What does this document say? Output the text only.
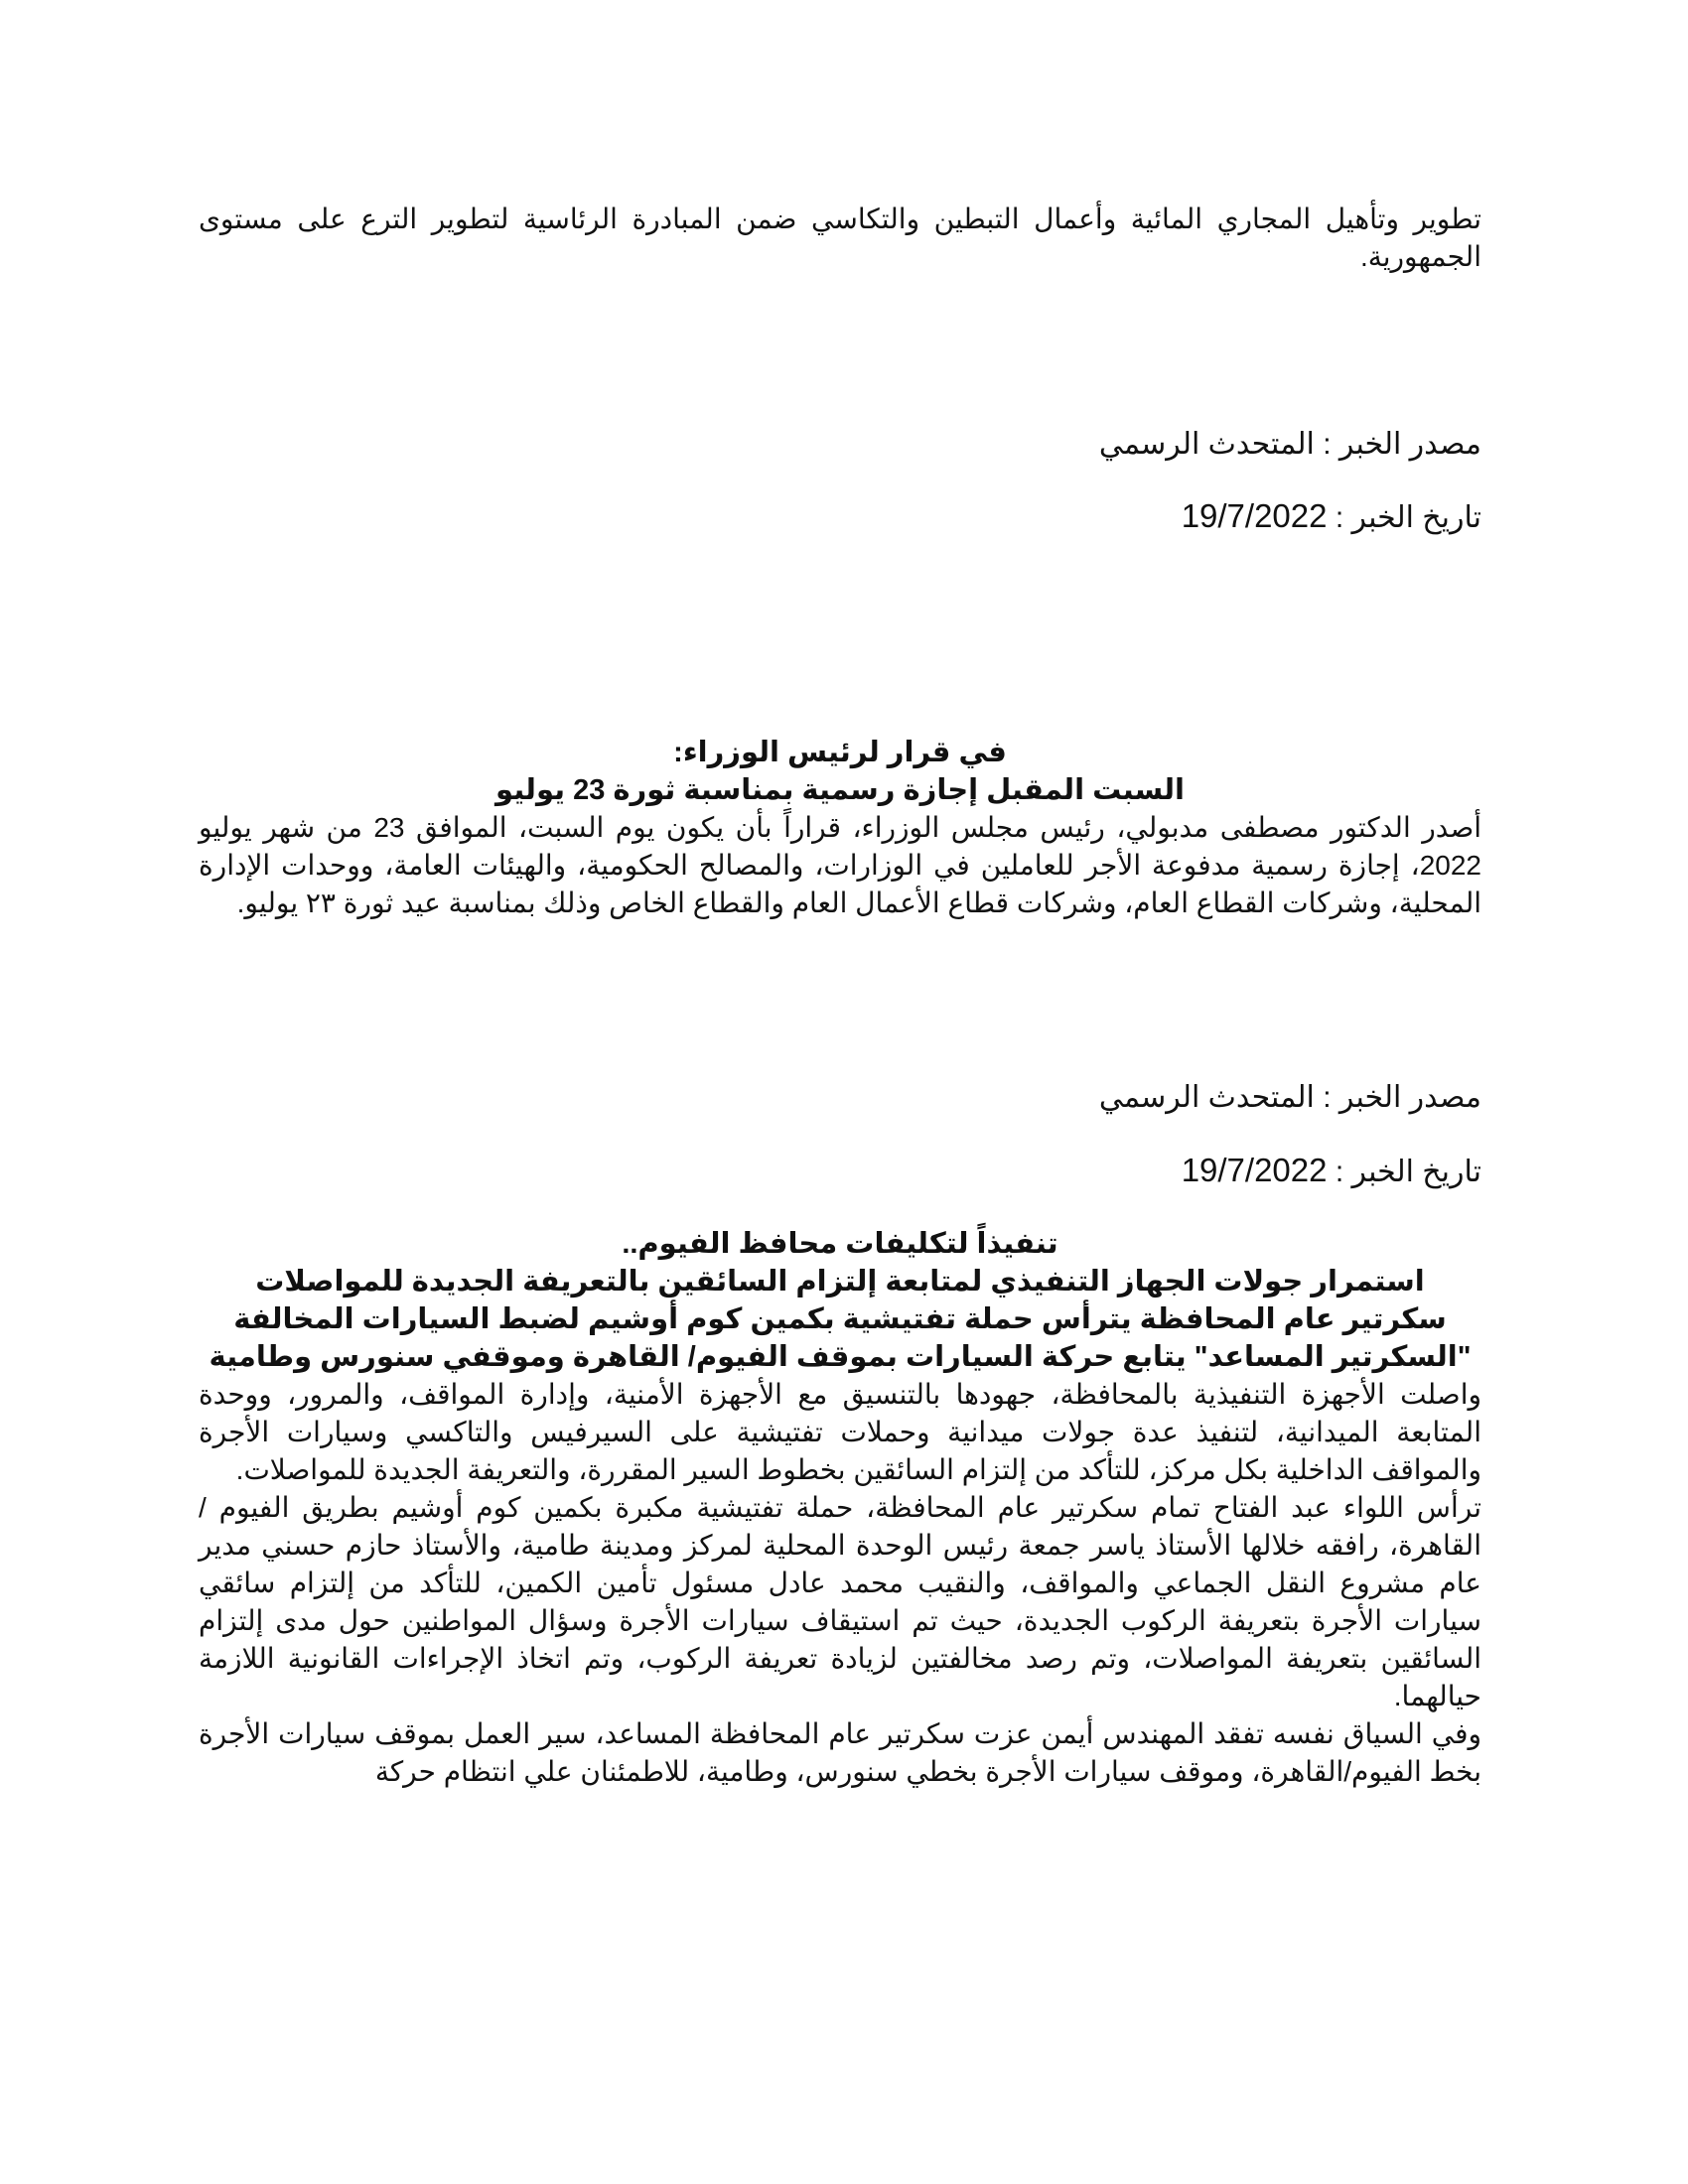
تطوير وتأهيل المجاري المائية وأعمال التبطين والتكاسي ضمن المبادرة الرئاسية لتطوير الترع على مستوى الجمهورية.

مصدر الخبر : المتحدث الرسمي
تاريخ الخبر : 19/7/2022
في قرار لرئيس الوزراء:
السبت المقبل إجازة رسمية بمناسبة ثورة 23 يوليو

أصدر الدكتور مصطفى مدبولي، رئيس مجلس الوزراء، قراراً بأن يكون يوم السبت، الموافق 23 من شهر يوليو 2022، إجازة رسمية مدفوعة الأجر للعاملين في الوزارات، والمصالح الحكومية، والهيئات العامة، ووحدات الإدارة المحلية، وشركات القطاع العام، وشركات قطاع الأعمال العام والقطاع الخاص وذلك بمناسبة عيد ثورة ٢٣ يوليو.

مصدر الخبر : المتحدث الرسمي
تاريخ الخبر : 19/7/2022
تنفيذاً لتكليفات محافظ الفيوم..
استمرار جولات الجهاز التنفيذي لمتابعة إلتزام السائقين بالتعريفة الجديدة للمواصلات
سكرتير عام المحافظة يترأس حملة تفتيشية بكمين كوم أوشيم لضبط السيارات المخالفة
"السكرتير المساعد" يتابع حركة السيارات بموقف الفيوم/ القاهرة وموقفي سنورس وطامية

واصلت الأجهزة التنفيذية بالمحافظة، جهودها بالتنسيق مع الأجهزة الأمنية، وإدارة المواقف، والمرور، ووحدة المتابعة الميدانية، لتنفيذ عدة جولات ميدانية وحملات تفتيشية على السيرفيس والتاكسي وسيارات الأجرة والمواقف الداخلية بكل مركز، للتأكد من إلتزام السائقين بخطوط السير المقررة، والتعريفة الجديدة للمواصلات.

ترأس اللواء عبد الفتاح تمام سكرتير عام المحافظة، حملة تفتيشية مكبرة بكمين كوم أوشيم بطريق الفيوم / القاهرة، رافقه خلالها الأستاذ ياسر جمعة رئيس الوحدة المحلية لمركز ومدينة طامية، والأستاذ حازم حسني مدير عام مشروع النقل الجماعي والمواقف، والنقيب محمد عادل مسئول تأمين الكمين، للتأكد من إلتزام سائقي سيارات الأجرة بتعريفة الركوب الجديدة، حيث تم استيقاف سيارات الأجرة وسؤال المواطنين حول مدى إلتزام السائقين بتعريفة المواصلات، وتم رصد مخالفتين لزيادة تعريفة الركوب، وتم اتخاذ الإجراءات القانونية اللازمة حيالهما.

وفي السياق نفسه تفقد المهندس أيمن عزت سكرتير عام المحافظة المساعد، سير العمل بموقف سيارات الأجرة بخط الفيوم/القاهرة، وموقف سيارات الأجرة بخطي سنورس، وطامية، للاطمئنان علي انتظام حركة
